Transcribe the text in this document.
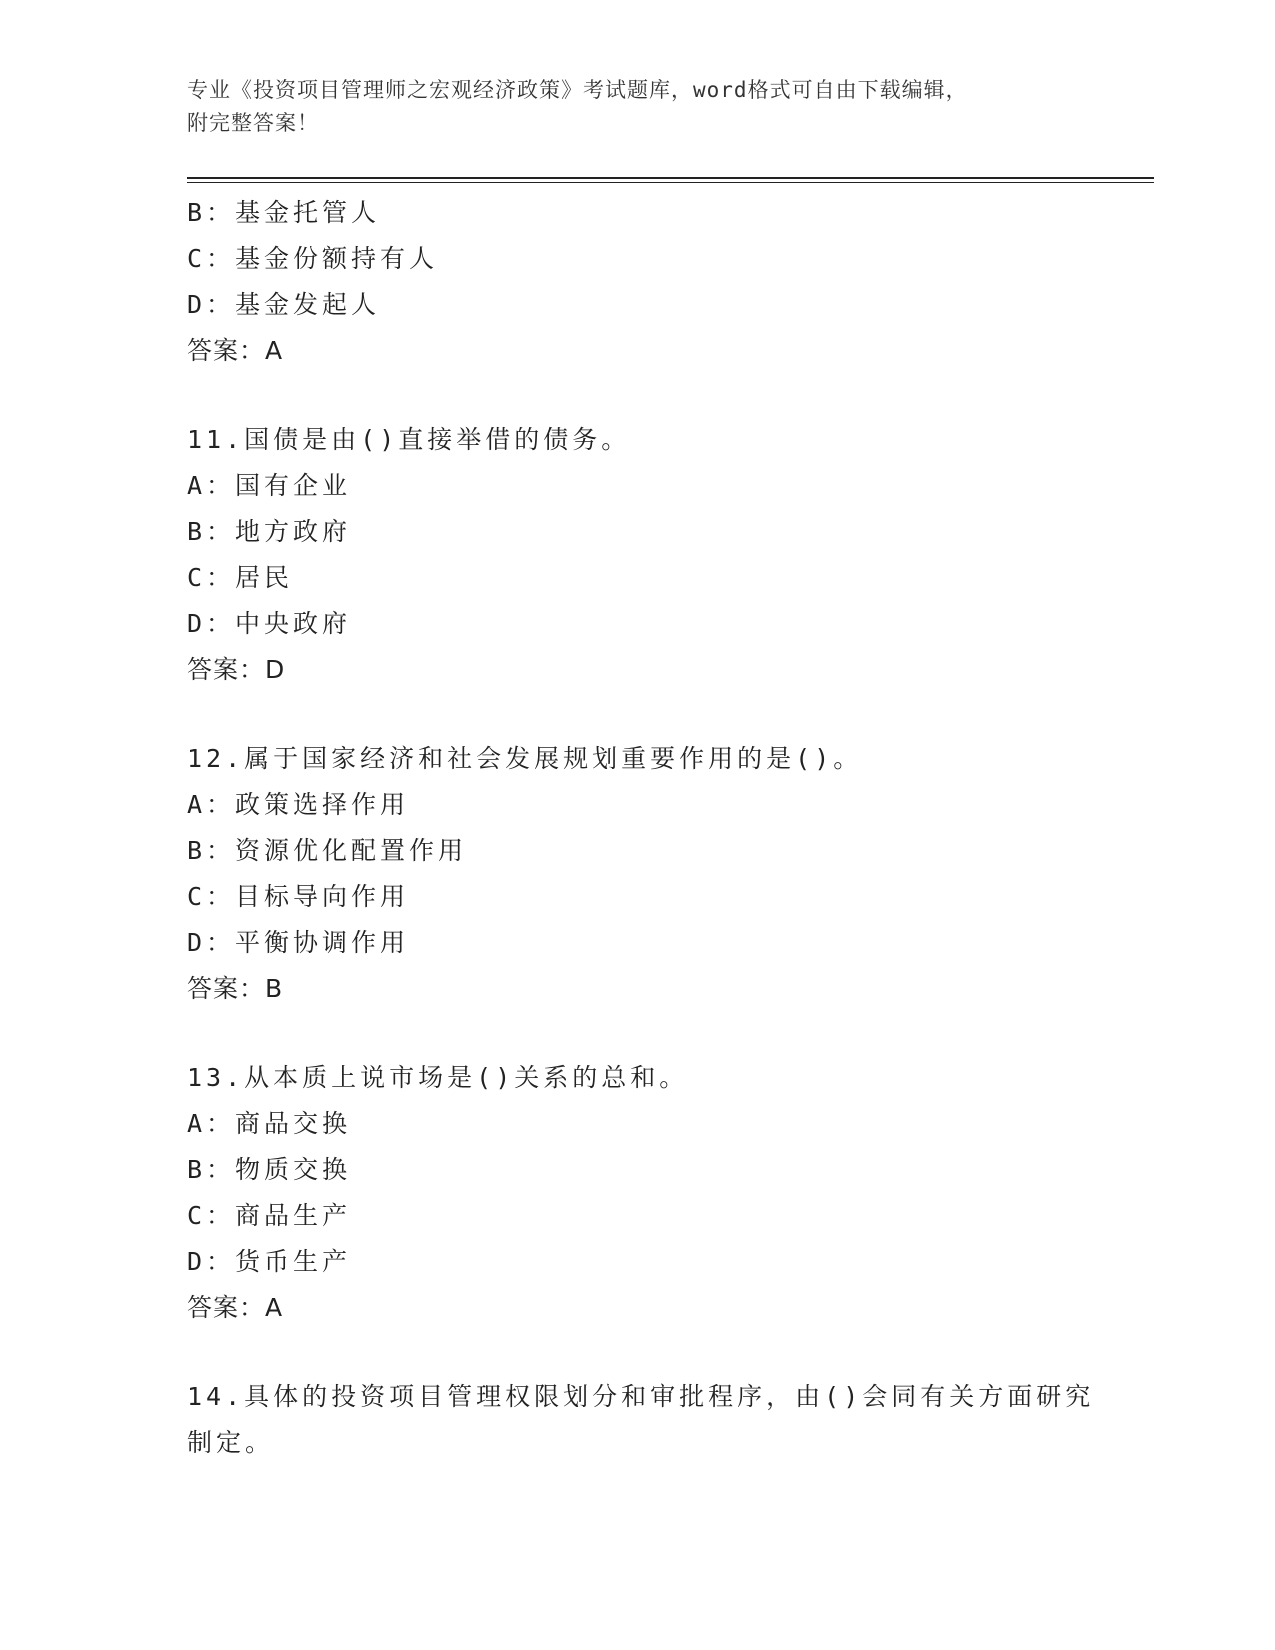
专业《投资项目管理师之宏观经济政策》考试题库，word格式可自由下载编辑，
附完整答案！
B：基金托管人
C：基金份额持有人
D：基金发起人
答案：A
11.国债是由()直接举借的债务。
A：国有企业
B：地方政府
C：居民
D：中央政府
答案：D
12.属于国家经济和社会发展规划重要作用的是()。
A：政策选择作用
B：资源优化配置作用
C：目标导向作用
D：平衡协调作用
答案：B
13.从本质上说市场是()关系的总和。
A：商品交换
B：物质交换
C：商品生产
D：货币生产
答案：A
14.具体的投资项目管理权限划分和审批程序，由()会同有关方面研究
制定。
